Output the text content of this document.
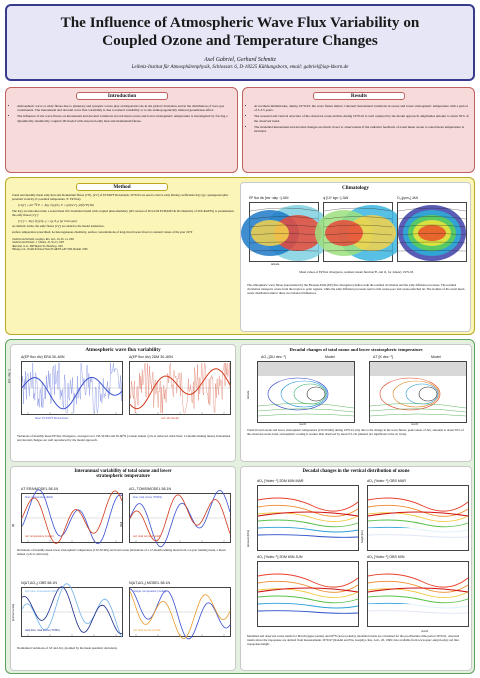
The Influence of Atmospheric Wave Flux Variability on
Coupled Ozone and Temperature Changes
Axel Gabriel, Gerhard Schmitz
Leibniz-Institut für Atmosphärenphysik, Schlossstr. 6, D-18225 Kühlungsborn, email: gabriel@iap-kborn.de
Introduction
• Atmospheric wave or eddy fluxes due to planetary and synoptic waves play an important role in the global circulation and in the distribution of trace gas constituents. The interannual and decadal wave flux variability is due to natural variability or to the anthropogenically induced greenhouse effect.
• The influence of the wave fluxes on interannual and decadal variations in total mean ozone and lower stratospheric temperature is investigated by forcing a dynamically-chemically coupled 2D model with observed eddy heat and momentum fluxes.
Results
• At northern midlatitudes, during 1979-93, the wave fluxes induce 'coherent' interannual variations in ozone and lower stratospheric temperature with a period of 3-3.5 years.
• The seasonal and vertical structure of the observed ozone decline during 1979-91 is well captured by the model approach; amplitudes amount to about 50% of the observed trend.
• The modelled interannual and decadal changes are much closer to observations if the radiative feedback of zonal mean ozone to zonal mean temperature is included.
Method
Zonal and monthly mean eddy heat and momentum fluxes [v'θ'], [u'v'] of ECMWF ReAnalysis 1979-93 are used to derive eddy mixing coefficients Kyy (qy: quasigeostrophic potential vorticity, θ: potential temperature, E: EP flux):
[v'qy'] = ρ0⁻¹∇·E = -Kyy ∂[q]/∂y, E = (ρ0[u'v'], ρ0f[v'θ']/θz)
The Kyy are introduced into a zonal mean 2D circulation model with coupled photochemistry (2D version of 3D GCM ECHAM5 & 2D chemistry of SOCRATES) to parameterize the eddy fluxes [v'χ']:
[v'χ'] = -Kyy ∂[χ]/∂y, χ = qy, θ, μ (μ: trace gas)
As diabatic terms, the eddy fluxes [v'χ'] are added to the model tendencies.
surface temperature prescribed; no heterogeneous chemistry, surface concentrations of long-lived tracers fixed at constant values of the year 1979
¹Gabriel and Schmitz, Geophys. Res. Lett., 29, No. 14, 2002
²Gabriel and Schmitz, J. Climate, 16, No.15, 2003
³Roeckner et al., MPI Report 93, Hamburg, 1992
⁴Huang et al., NCAR Technical Note NCAR/TN-440+STR, Boulder 1998
Climatology
EP flux div [ms⁻¹day⁻¹] JAN	ψ [10⁴ kgs⁻¹] JAN	O₃ [ppm₀] JAN
latitude
Mean values of EP flux divergence, residual stream function Ψ, and O₃ for January 1979-93.
The atmospheric wave fluxes (represented by the Eliassen-Palm (EP) flux divergence) induce both the residual circulation and the eddy diffusion processes. The residual circulation transports ozone from the tropics to polar regions, while the eddy diffusion processes tend to mix ozone-poor and ozone-enriched air. The isolines of the zonal mean ozone distribution mirror these two balanced influences.
Atmospheric wave flux variability
Δ(EP flux div) ERA 30–60N	Δ(EP flux div) 2DM 30–60N
[ms⁻¹day⁻¹]
blue: ECMWF ReAnalysis	red: 2D model
Variations of monthly mean EP flux divergence, averaged over 150-50 hPa and 30-60°N (a mean annual cycle is removed, thick lines: 12-month running mean). Interannual and decadal changes are well reproduced by the model approach.
Decadal changes of total ozone and lower stratospheric temperature
ΔO₃ [DU dec⁻¹]	Model	ΔT [K dec⁻¹]	Model
latitude
month	month
Trend in total ozone and lower stratospheric temperature (150-50 hPa) during 1979-91 only due to the change in the wave fluxes; peak values of ΔO₃ amounts to about 50% of the observed ozone trend, stratospheric cooling is weaker than observed by about 0.5-1K (shaded: not significant at the 2σ level).
Interannual variability of total ozone and lower
stratospheric temperature
ΔT ERA/MODEL 58.1N
blue: temperature (ERA)
red: temperature (model)
[K]
ΔO₃ TOMS/MODEL 58.1N
blue: total ozone (TOMS)
red: total ozone (model)
[DU]
Deviations of monthly mean lower stratospheric temperature (150-50 hPa) and total ozone (deviations of a 12-month running mean from a 4-year running mean, a mean annual cycle is removed).
N(ΔT,ΔO₃) OBS 58.1N
light blue: temperature (ERA)
dark blue: total ozone (TOMS)
[normed scale]
N(ΔT,ΔO₃) MODEL 58.1N
orange: temperature (model)
red: total ozone (model)
Normalized variations of ΔT and ΔO₃ (normed by the mean quadratic deviation).
Decadal changes in the vertical distribution of ozone
dO₃ [%dec⁻¹] 2DM 60N MAR	dO₃ [%dec⁻¹] OBS MAR
dO₃ [%dec⁻¹] 2DM 60N JUN	dO₃ [%dec⁻¹] OBS 60N
pressure [hPa]	height [km]
month
Modelled and observed ozone trends for March (upper panels) and 60°N (lower panels); modelled trends are calculated for the pre-Pinatubo time period 1979-91, observed trends above the tropopause are derived from measurements 1979-97 (Randel and Wu, Geophys. Res. Lett., 26, 1999; data available from www.sparc.sunysb.edu); red line: tropopause height.
